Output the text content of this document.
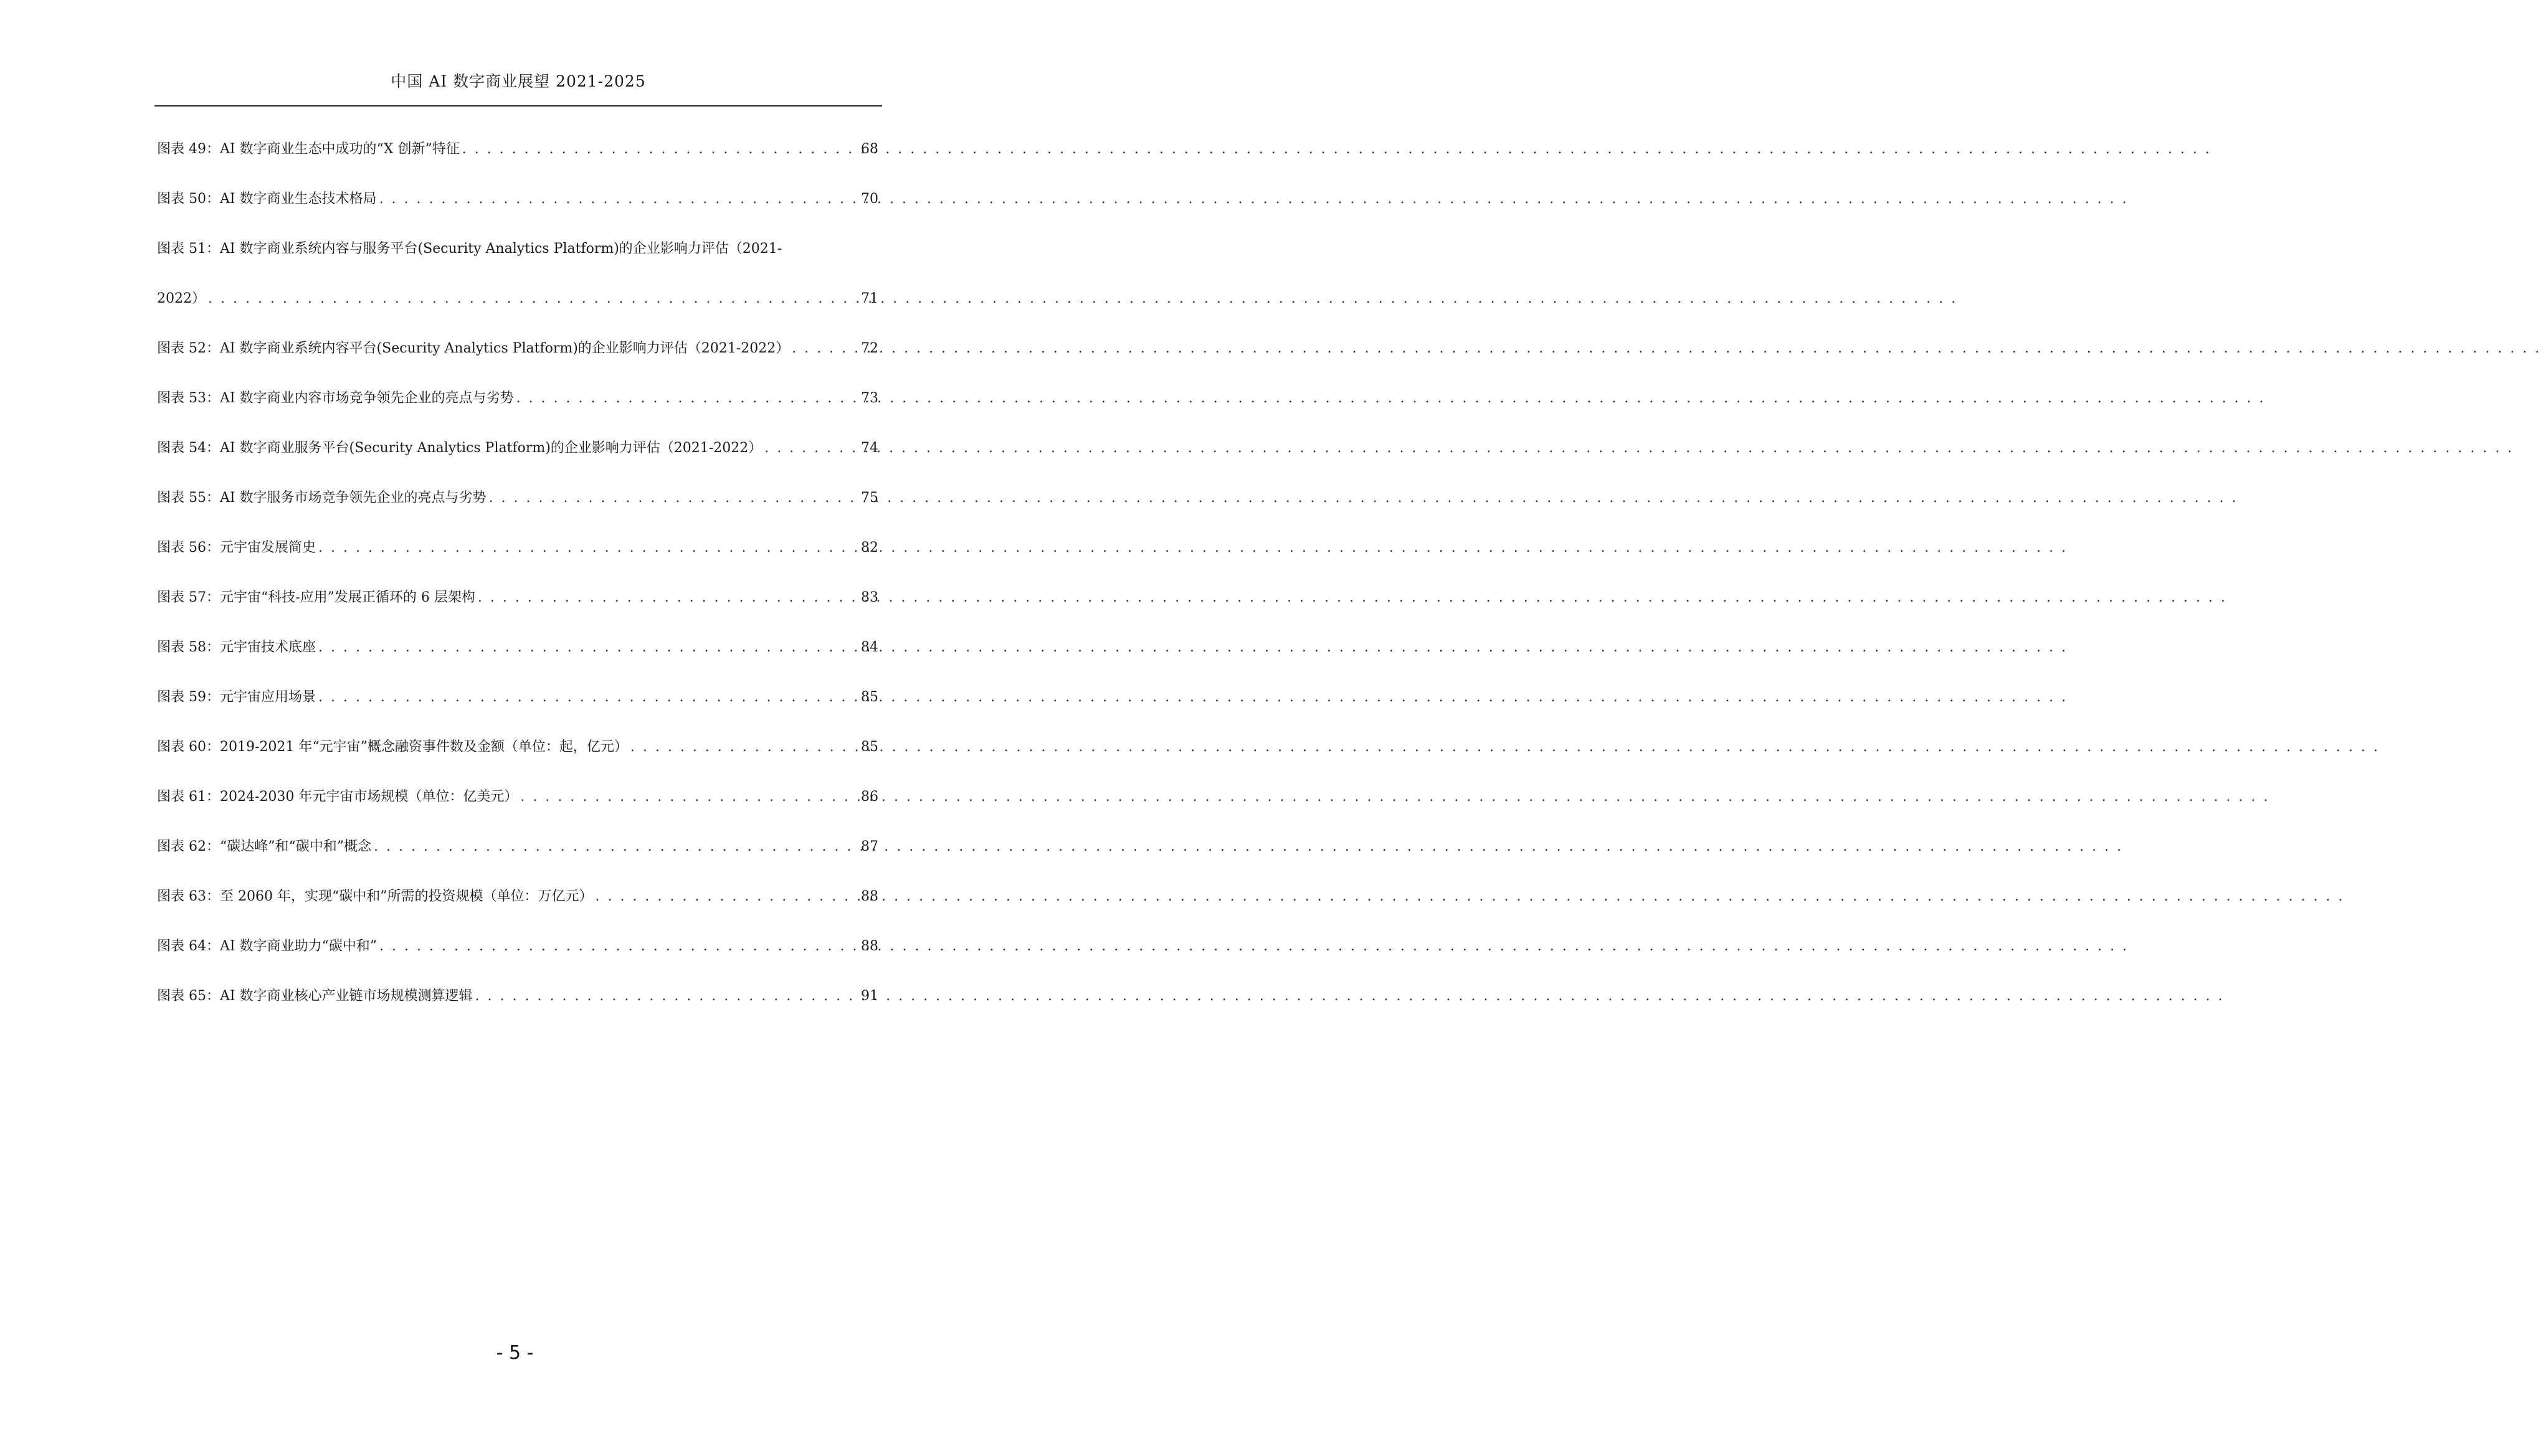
中国 AI 数字商业展望 2021-2025
图表 49：AI 数字商业生态中成功的“X 创新”特征 . . .	68
图表 50：AI 数字商业生态技术格局 . . .	70
图表 51：AI 数字商业系统内容与服务平台(Security Analytics Platform)的企业影响力评估（2021-
2022） . . .	71
图表 52：AI 数字商业系统内容平台(Security Analytics Platform)的企业影响力评估（2021-2022） . . .	72
图表 53：AI 数字商业内容市场竞争领先企业的亮点与劣势 . . .	73
图表 54：AI 数字商业服务平台(Security Analytics Platform)的企业影响力评估（2021-2022） . . .	74
图表 55：AI 数字服务市场竞争领先企业的亮点与劣势 . . .	75
图表 56：元宇宙发展简史 . . .	82
图表 57：元宇宙“科技-应用”发展正循环的 6 层架构 . . .	83
图表 58：元宇宙技术底座 . . .	84
图表 59：元宇宙应用场景 . . .	85
图表 60：2019-2021 年“元宇宙”概念融资事件数及金额（单位：起，亿元） . . .	85
图表 61：2024-2030 年元宇宙市场规模（单位：亿美元） . . .	86
图表 62：“碳达峰”和“碳中和”概念 . . .	87
图表 63：至 2060 年，实现“碳中和”所需的投资规模（单位：万亿元） . . .	88
图表 64：AI 数字商业助力“碳中和” . . .	88
图表 65：AI 数字商业核心产业链市场规模测算逻辑 . . .	91
- 5 -
